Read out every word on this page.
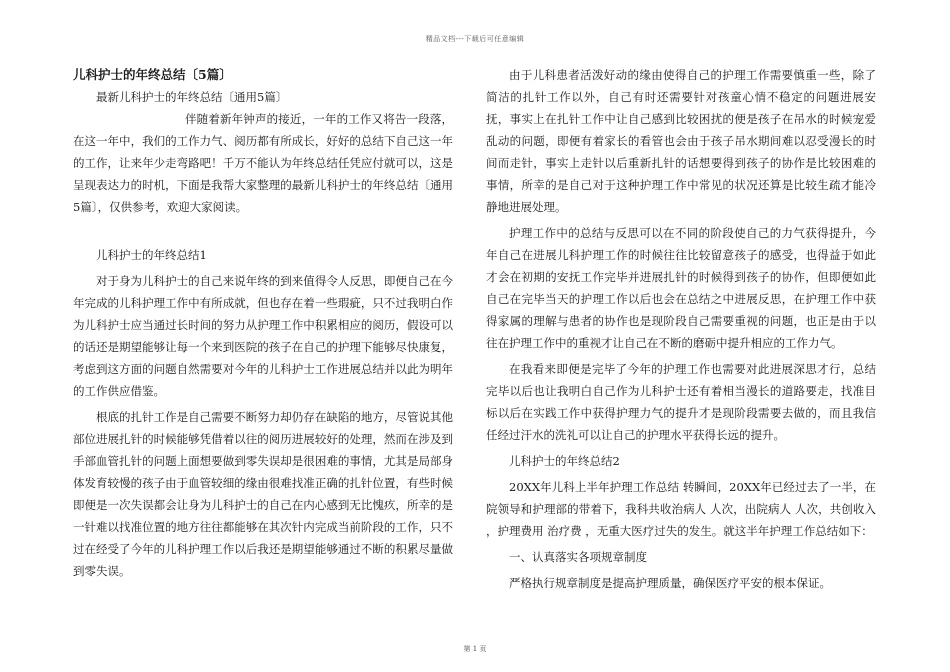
精品文档---下载后可任意编辑

儿科护士的年终总结〔5篇〕

最新儿科护士的年终总结〔通用5篇〕

伴随着新年钟声的接近，一年的工作又将告一段落，在这一年中，我们的工作力气、阅历都有所成长，好好的总结下自己这一年的工作，让来年少走弯路吧！千万不能认为年终总结任凭应付就可以，这是呈现表达力的时机，下面是我帮大家整理的最新儿科护士的年终总结〔通用5篇〕，仅供参考，欢迎大家阅读。

儿科护士的年终总结1

对于身为儿科护士的自己来说年终的到来值得令人反思，即便自己在今年完成的儿科护理工作中有所成就，但也存在着一些瑕疵，只不过我明白作为儿科护士应当通过长时间的努力从护理工作中积累相应的阅历，假设可以的话还是期望能够让每一个来到医院的孩子在自己的护理下能够尽快康复，考虑到这方面的问题自然需要对今年的儿科护士工作进展总结并以此为明年的工作供应借鉴。

根底的扎针工作是自己需要不断努力却仍存在缺陷的地方，尽管说其他部位进展扎针的时候能够凭借着以往的阅历进展较好的处理，然而在涉及到手部血管扎针的问题上面想要做到零失误却是很困难的事情，尤其是局部身体发育较慢的孩子由于血管较细的缘由很难找准正确的扎针位置，有些时候即便是一次失误都会让身为儿科护士的自己在内心感到无比愧疚，所幸的是一针难以找准位置的地方往往都能够在其次针内完成当前阶段的工作，只不过在经受了今年的儿科护理工作以后我还是期望能够通过不断的积累尽量做到零失误。

由于儿科患者活泼好动的缘由使得自己的护理工作需要慎重一些，除了简洁的扎针工作以外，自己有时还需要针对孩童心情不稳定的问题进展安抚，事实上在扎针工作中让自己感到比较困扰的便是孩子在吊水的时候宠爱乱动的问题，即便有着家长的看管也会由于孩子吊水期间难以忍受漫长的时间而走针，事实上走针以后重新扎针的话想要得到孩子的协作是比较困难的事情，所幸的是自己对于这种护理工作中常见的状况还算是比较生疏才能冷静地进展处理。

护理工作中的总结与反思可以在不同的阶段使自己的力气获得提升，今年自己在进展儿科护理工作的时候往往比较留意孩子的感受，也得益于如此才会在初期的安抚工作完毕并进展扎针的时候得到孩子的协作，但即便如此自己在完毕当天的护理工作以后也会在总结之中进展反思，在护理工作中获得家属的理解与患者的协作也是现阶段自己需要重视的问题，也正是由于以往在护理工作中的重视才让自己在不断的磨砺中提升相应的工作力气。

在我看来即便是完毕了今年的护理工作也需要对此进展深思才行，总结完毕以后也让我明白自己作为儿科护士还有着相当漫长的道路要走，找准目标以后在实践工作中获得护理力气的提升才是现阶段需要去做的，而且我信任经过汗水的洗礼可以让自己的护理水平获得长远的提升。

儿科护士的年终总结2

20XX年儿科上半年护理工作总结 转瞬间，20XX年已经过去了一半，在院领导和护理部的带着下，我科共收治病人 人次，出院病人 人次，共创收入 ，护理费用 治疗费 ，无重大医疗过失的发生。就这半年护理工作总结如下：

一、认真落实各项规章制度

严格执行规章制度是提高护理质量，确保医疗平安的根本保证。

第 1 页
